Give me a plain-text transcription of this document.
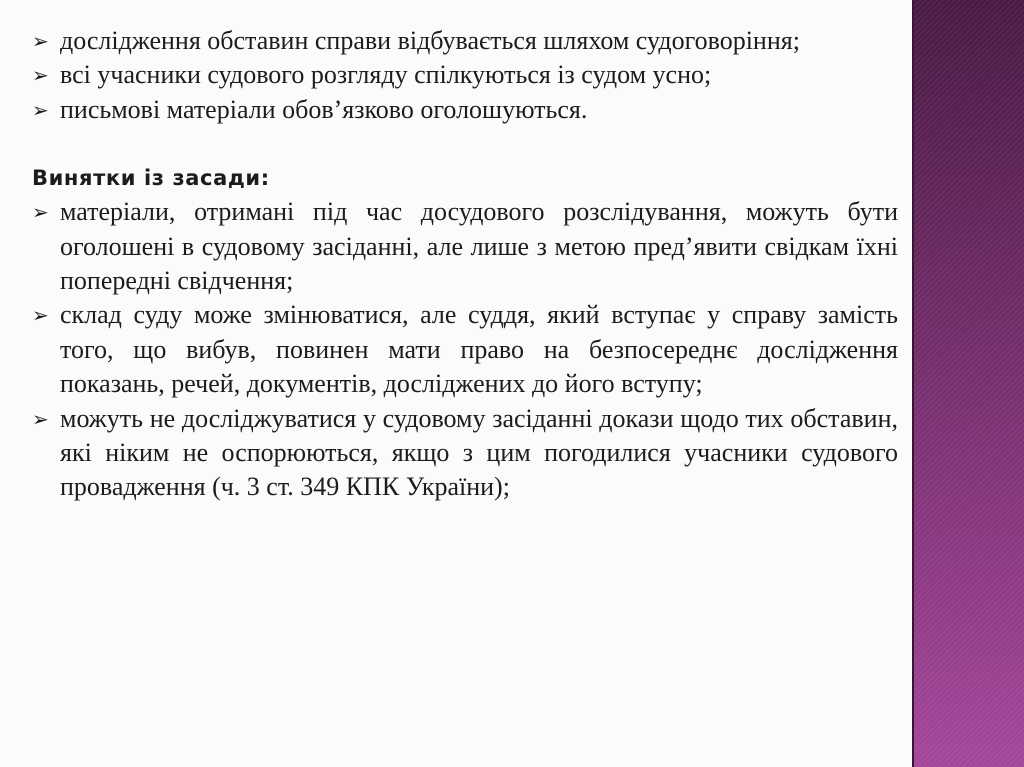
➢ дослідження обставин справи відбувається шляхом судоговоріння;
➢ всі учасники судового розгляду спілкуються із судом усно;
➢ письмові матеріали обов’язково оголошуються.
Винятки із засади:
➢ матеріали, отримані під час досудового розслідування, можуть бути оголошені в судовому засіданні, але лише з метою пред’явити свідкам їхні попередні свідчення;
➢ склад суду може змінюватися, але суддя, який вступає у справу замість того, що вибув, повинен мати право на безпосереднє дослідження показань, речей, документів, досліджених до його вступу;
➢ можуть не досліджуватися у судовому засіданні докази щодо тих обставин, які ніким не оспорюються, якщо з цим погодилися учасники судового провадження (ч. 3 ст. 349 КПК України);
